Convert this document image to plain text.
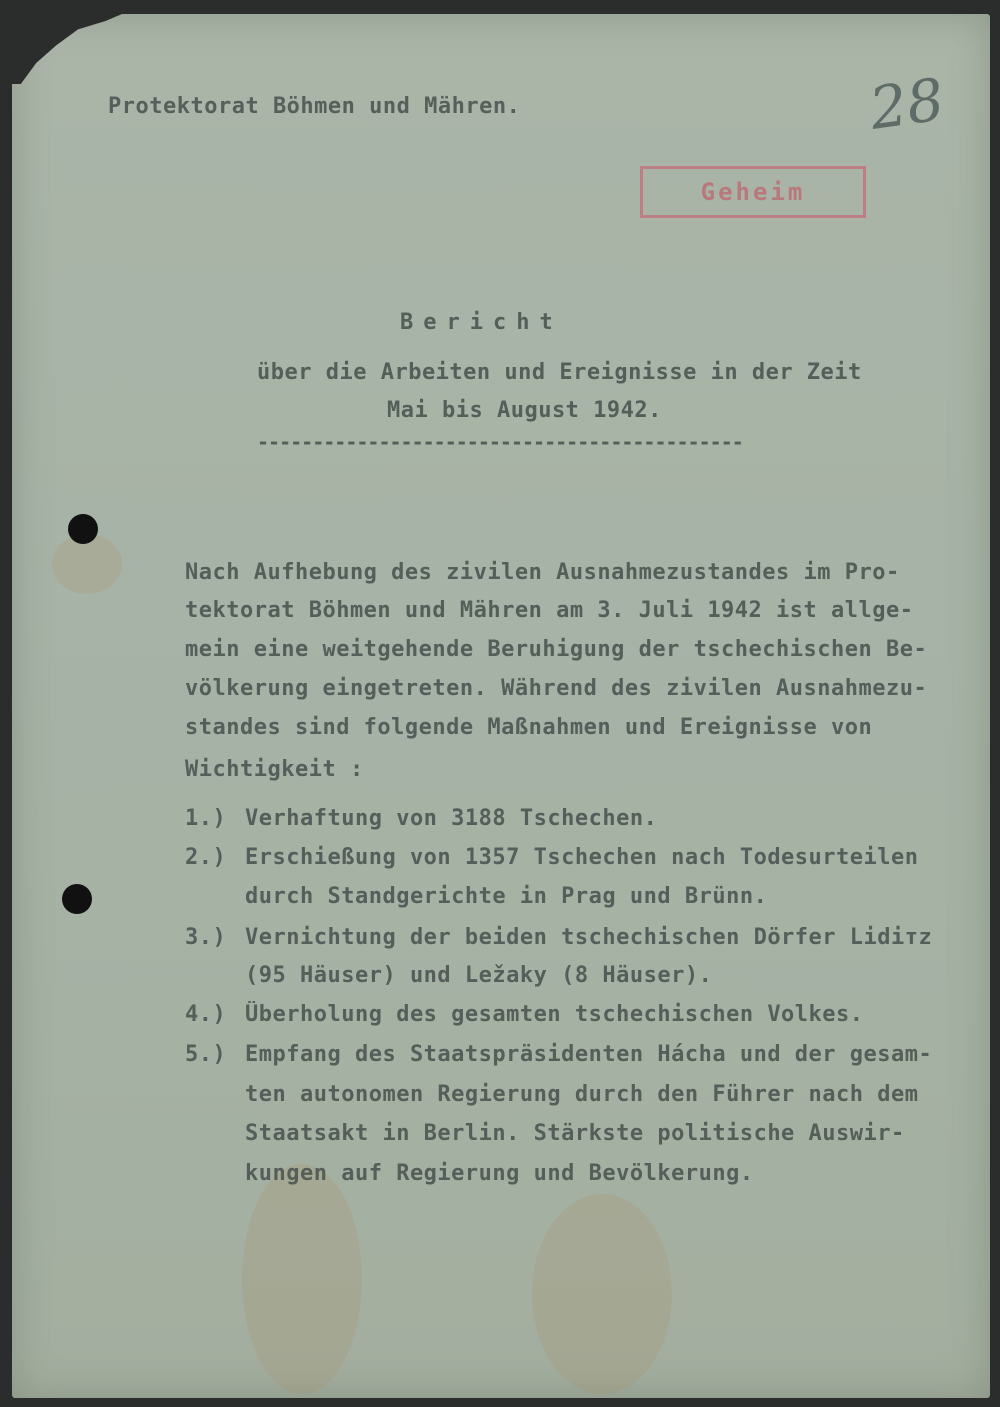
Protektorat Böhmen und Mähren.	28
Geheim
Bericht
über die Arbeiten und Ereignisse in der Zeit
Mai bis August 1942.
--------------------------------------------
Nach Aufhebung des zivilen Ausnahmezustandes im Pro-
tektorat Böhmen und Mähren am 3. Juli 1942 ist allge-
mein eine weitgehende Beruhigung der tschechischen Be-
völkerung eingetreten. Während des zivilen Ausnahmezu-
standes sind folgende Maßnahmen und Ereignisse von
Wichtigkeit :
1.) Verhaftung von 3188 Tschechen.
2.) Erschießung von 1357 Tschechen nach Todesurteilen
durch Standgerichte in Prag und Brünn.
3.) Vernichtung der beiden tschechischen Dörfer Lidітz
(95 Häuser) und Ležaky (8 Häuser).
4.) Überholung des gesamten tschechischen Volkes.
5.) Empfang des Staatspräsidenten Hácha und der gesam-
ten autonomen Regierung durch den Führer nach dem
Staatsakt in Berlin. Stärkste politische Auswir-
kungen auf Regierung und Bevölkerung.
